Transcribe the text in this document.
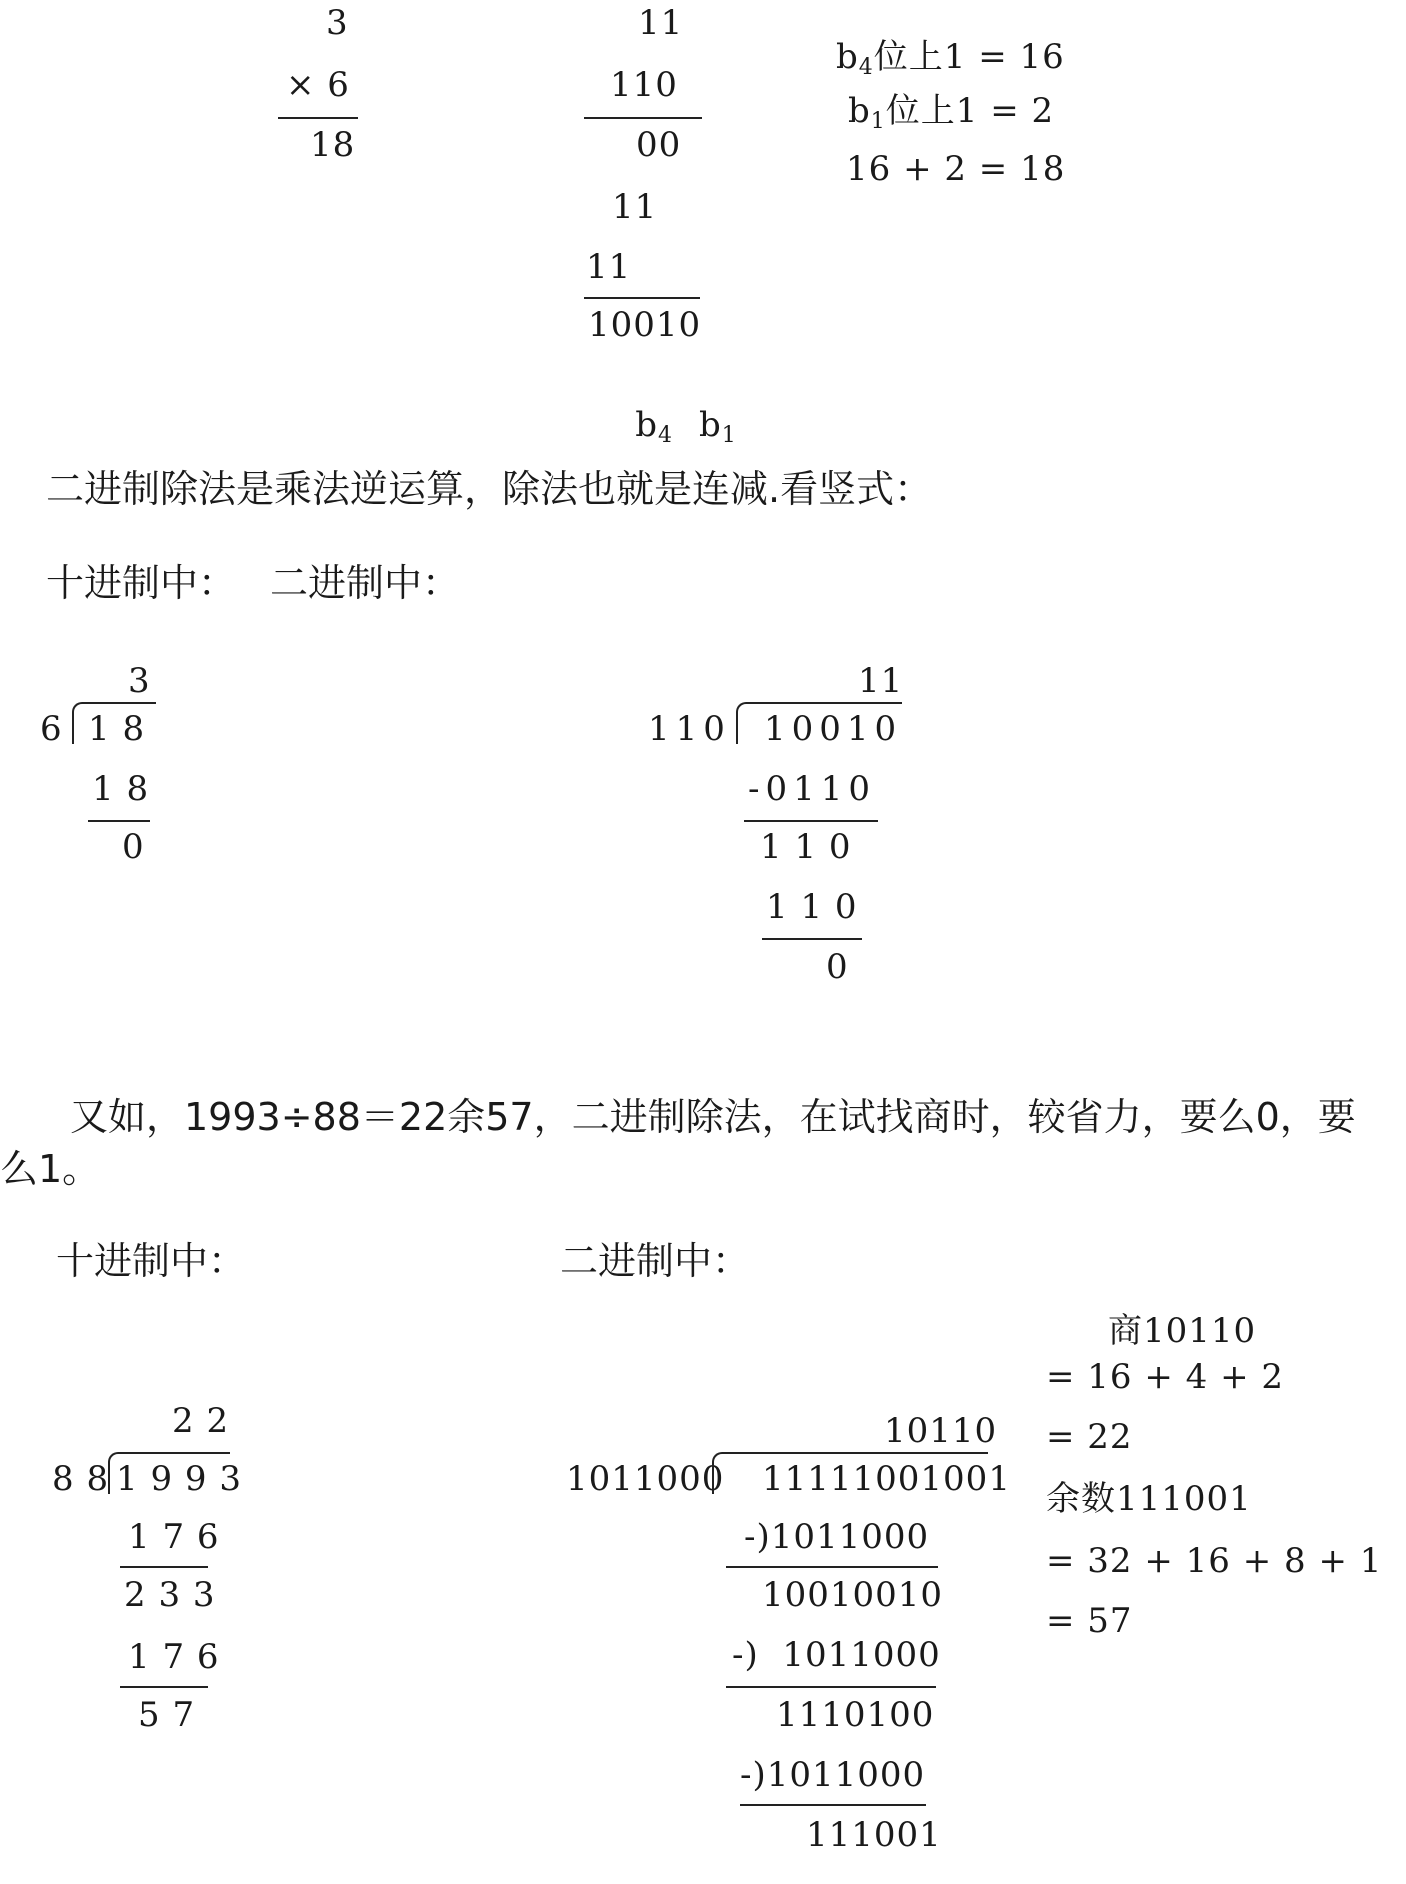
3
× 6
18
11
110
00
11
11
10010

$b_4$ $b_1$

$b_4$位上1 = 16
$b_1$位上1 = 2
16 + 2 = 18
二进制除法是乘法逆运算，除法也就是连减.看竖式：
十进制中： 二进制中：
3
6 1 8
1 8
0
11
110 10010
-0110
1 1 0
1 1 0
0
又如，1993÷88＝22余57，二进制除法，在试找商时，较省力，要么0，要
么1。
十进制中：	二进制中：
2 2
8 8 1 9 9 3
1 7 6
2 3 3
1 7 6
5 7
10110
1011000 11111001001
-)1011000
10010010
-)  1011000
1110100
-)1011000
111001
商10110
= 16 + 4 + 2
= 22
余数111001
= 32 + 16 + 8 + 1
= 57
